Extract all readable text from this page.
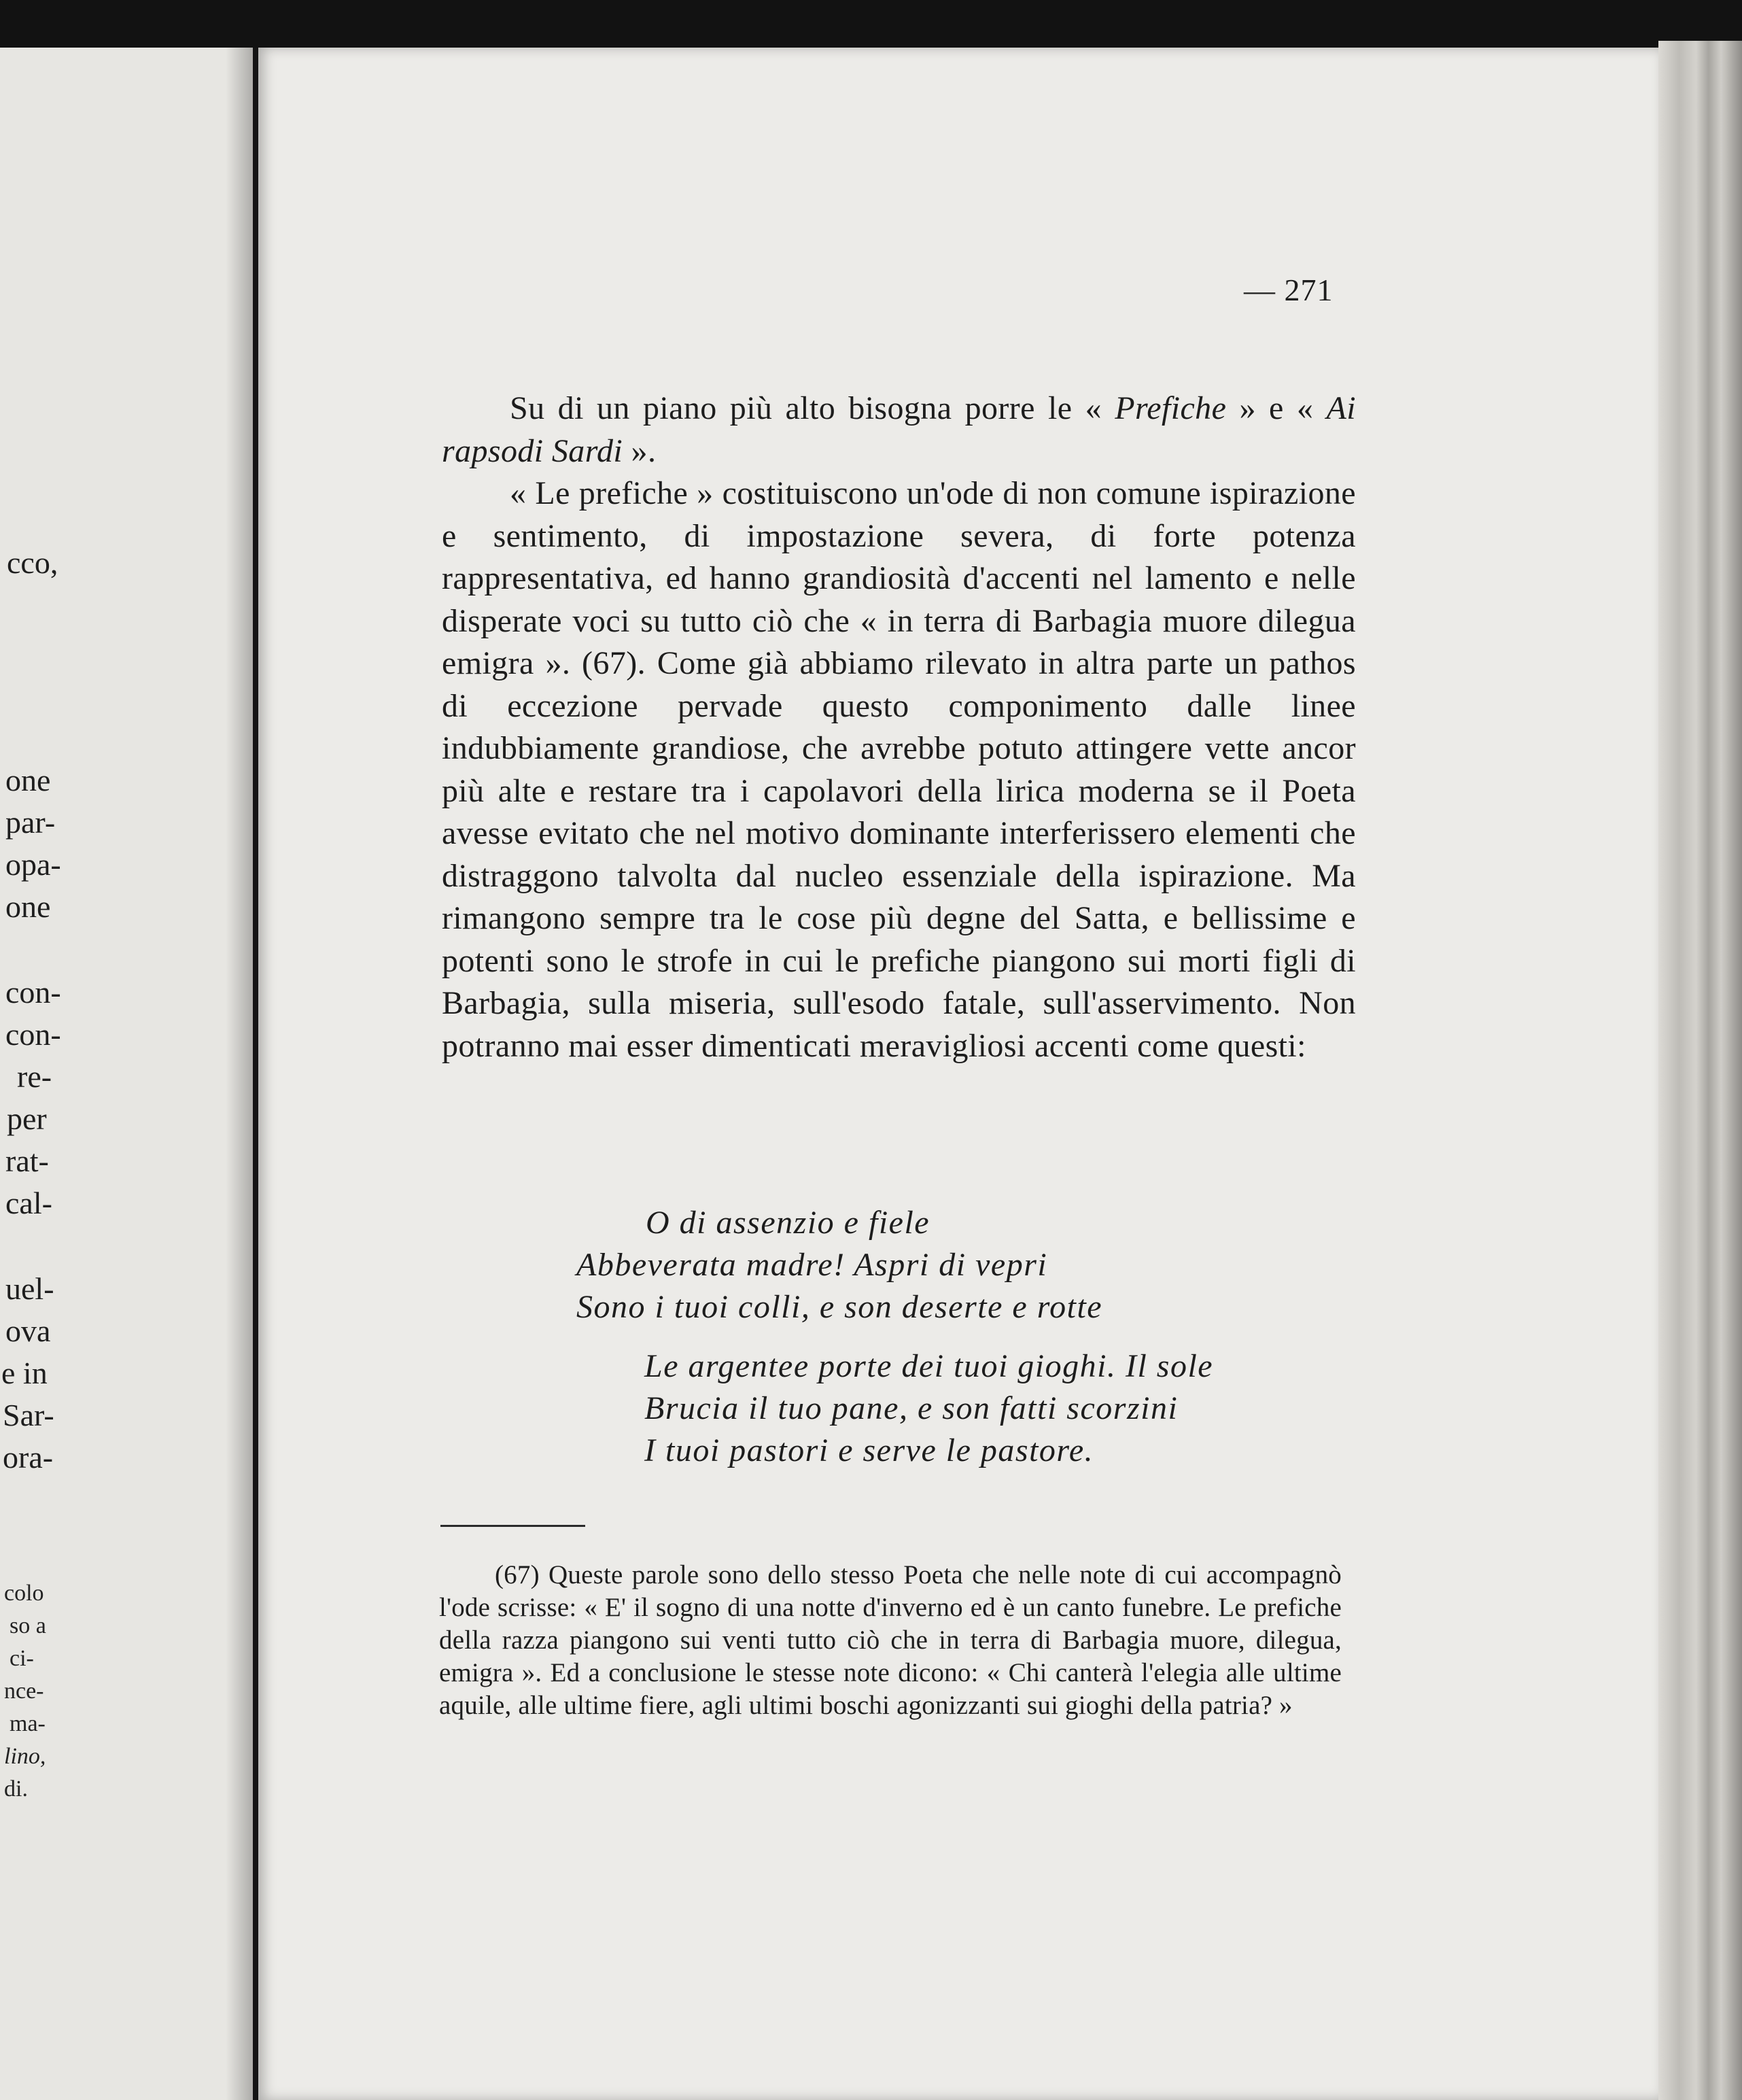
cco,
one
par-
opa-
one
con-
con-
re-
per
rat-
cal-
uel-
ova
e in
Sar-
ora-
colo
so a
ci-
nce-
ma-
lino,
di.
— 271

Su di un piano più alto bisogna porre le « Prefiche » e « Ai rapsodi Sardi ».

« Le prefiche » costituiscono un'ode di non comune ispirazione e sentimento, di impostazione severa, di forte potenza rappresentativa, ed hanno grandiosità d'accenti nel lamento e nelle disperate voci su tutto ciò che « in terra di Barbagia muore dilegua emigra ». (67). Come già abbiamo rilevato in altra parte un pathos di eccezione pervade questo componimento dalle linee indubbiamente grandiose, che avrebbe potuto attingere vette ancor più alte e restare tra i capolavori della lirica moderna se il Poeta avesse evitato che nel motivo dominante interferissero elementi che distraggono talvolta dal nucleo essenziale della ispirazione. Ma rimangono sempre tra le cose più degne del Satta, e bellissime e potenti sono le strofe in cui le prefiche piangono sui morti figli di Barbagia, sulla miseria, sull'esodo fatale, sull'asservimento. Non potranno mai esser dimenticati meravigliosi accenti come questi:

O di assenzio e fiele
Abbeverata madre! Aspri di vepri
Sono i tuoi colli, e son deserte e rotte
Le argentee porte dei tuoi gioghi. Il sole
Brucia il tuo pane, e son fatti scorzini
I tuoi pastori e serve le pastore.
(67) Queste parole sono dello stesso Poeta che nelle note di cui accompagnò l'ode scrisse: « E' il sogno di una notte d'inverno ed è un canto funebre. Le prefiche della razza piangono sui venti tutto ciò che in terra di Barbagia muore, dilegua, emigra ». Ed a conclusione le stesse note dicono: « Chi canterà l'elegia alle ultime aquile, alle ultime fiere, agli ultimi boschi agonizzanti sui gioghi della patria? »
